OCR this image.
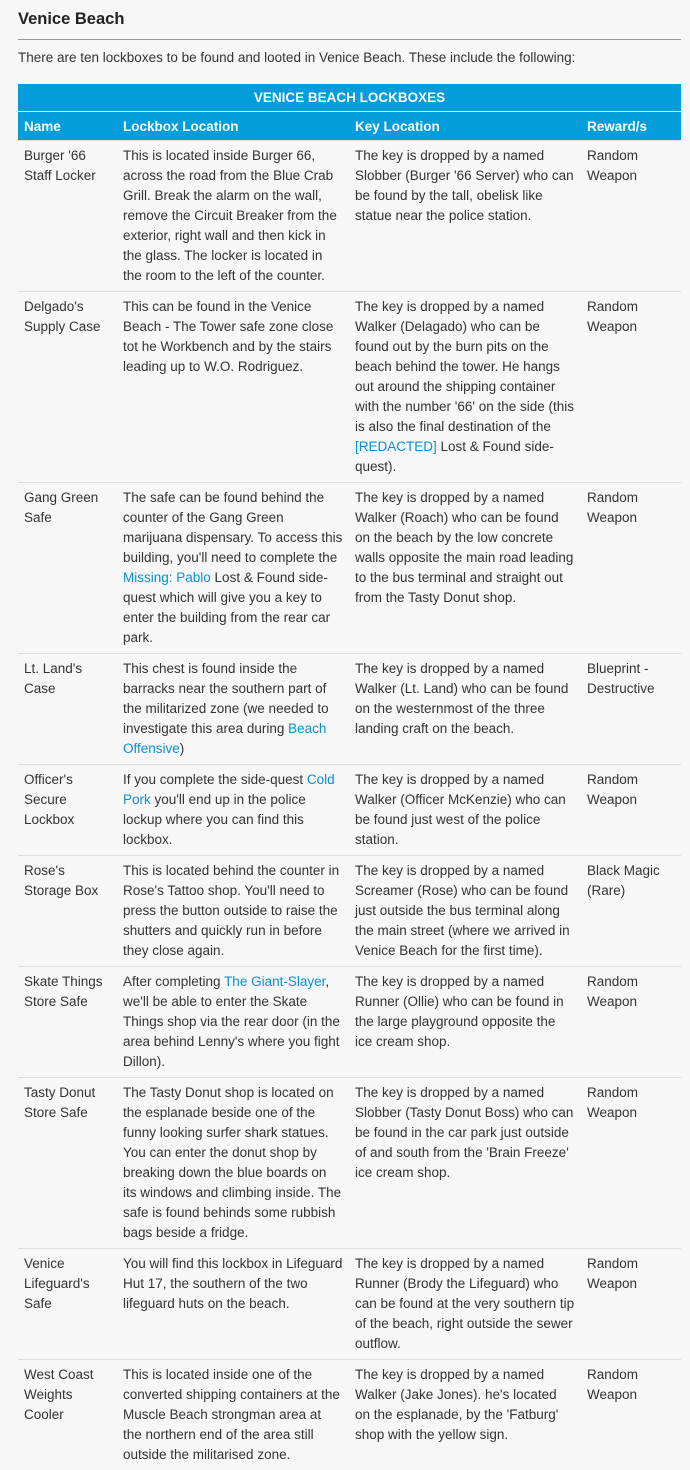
Venice Beach
There are ten lockboxes to be found and looted in Venice Beach. These include the following:
VENICE BEACH LOCKBOXES			
Name	Lockbox Location	Key Location	Reward/s
Burger '66 Staff Locker	This is located inside Burger 66, across the road from the Blue Crab Grill. Break the alarm on the wall, remove the Circuit Breaker from the exterior, right wall and then kick in the glass. The locker is located in the room to the left of the counter.	The key is dropped by a named Slobber (Burger '66 Server) who can be found by the tall, obelisk like statue near the police station.	Random Weapon
Delgado's Supply Case	This can be found in the Venice Beach - The Tower safe zone close tot he Workbench and by the stairs leading up to W.O. Rodriguez.	The key is dropped by a named Walker (Delagado) who can be found out by the burn pits on the beach behind the tower. He hangs out around the shipping container with the number '66' on the side (this is also the final destination of the [REDACTED] Lost & Found side-quest).	Random Weapon
Gang Green Safe	The safe can be found behind the counter of the Gang Green marijuana dispensary. To access this building, you'll need to complete the Missing: Pablo Lost & Found side-quest which will give you a key to enter the building from the rear car park.	The key is dropped by a named Walker (Roach) who can be found on the beach by the low concrete walls opposite the main road leading to the bus terminal and straight out from the Tasty Donut shop.	Random Weapon
Lt. Land's Case	This chest is found inside the barracks near the southern part of the militarized zone (we needed to investigate this area during Beach Offensive)	The key is dropped by a named Walker (Lt. Land) who can be found on the westernmost of the three landing craft on the beach.	Blueprint - Destructive
Officer's Secure Lockbox	If you complete the side-quest Cold Pork you'll end up in the police lockup where you can find this lockbox.	The key is dropped by a named Walker (Officer McKenzie) who can be found just west of the police station.	Random Weapon
Rose's Storage Box	This is located behind the counter in Rose's Tattoo shop. You'll need to press the button outside to raise the shutters and quickly run in before they close again.	The key is dropped by a named Screamer (Rose) who can be found just outside the bus terminal along the main street (where we arrived in Venice Beach for the first time).	Black Magic (Rare)
Skate Things Store Safe	After completing The Giant-Slayer, we'll be able to enter the Skate Things shop via the rear door (in the area behind Lenny's where you fight Dillon).	The key is dropped by a named Runner (Ollie) who can be found in the large playground opposite the ice cream shop.	Random Weapon
Tasty Donut Store Safe	The Tasty Donut shop is located on the esplanade beside one of the funny looking surfer shark statues. You can enter the donut shop by breaking down the blue boards on its windows and climbing inside. The safe is found behinds some rubbish bags beside a fridge.	The key is dropped by a named Slobber (Tasty Donut Boss) who can be found in the car park just outside of and south from the 'Brain Freeze' ice cream shop.	Random Weapon
Venice Lifeguard's Safe	You will find this lockbox in Lifeguard Hut 17, the southern of the two lifeguard huts on the beach.	The key is dropped by a named Runner (Brody the Lifeguard) who can be found at the very southern tip of the beach, right outside the sewer outflow.	Random Weapon
West Coast Weights Cooler	This is located inside one of the converted shipping containers at the Muscle Beach strongman area at the northern end of the area still outside the militarised zone.	The key is dropped by a named Walker (Jake Jones). he's located on the esplanade, by the 'Fatburg' shop with the yellow sign.	Random Weapon
